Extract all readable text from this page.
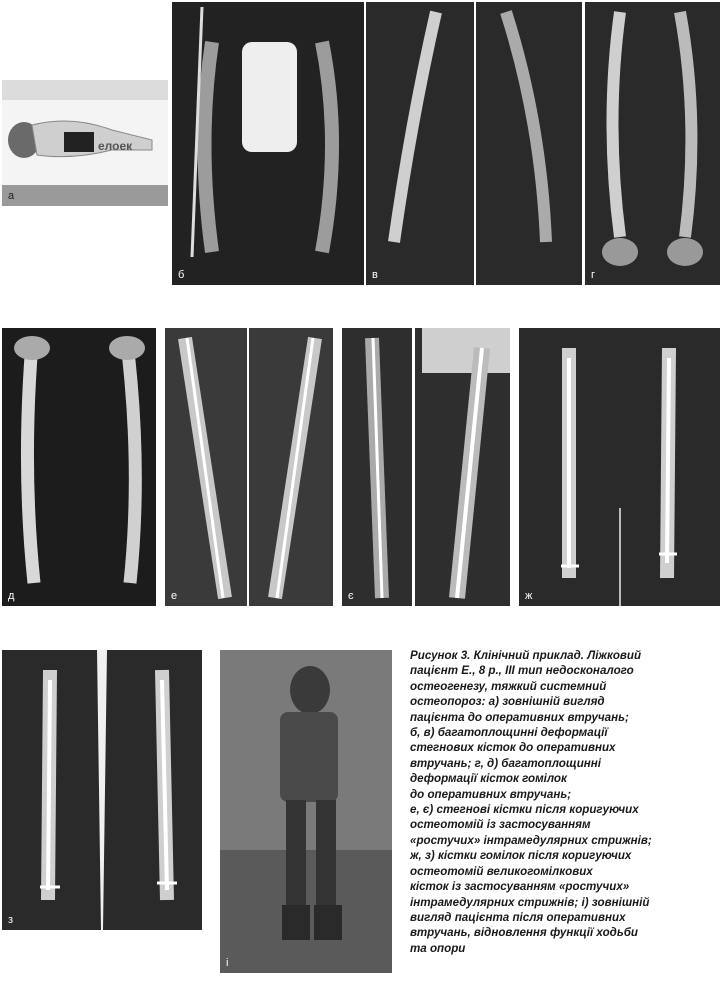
елоек
а
б	в	г
д	е	є	ж
з
і
Рисунок 3. Клінічний приклад. Ліжковий
пацієнт Е., 8 р., ІІІ тип недосконалого
остеогенезу, тяжкий системний
остеопороз: а) зовнішній вигляд
пацієнта до оперативних втручань;
б, в) багатоплощинні деформації
стегнових кісток до оперативних
втручань; г, д) багатоплощинні
деформації кісток гомілок
до оперативних втручань;
е, є) стегнові кістки після коригуючих
остеотомій із застосуванням
«ростучих» інтрамедулярних стрижнів;
ж, з) кістки гомілок після коригуючих
остеотомій великогомілкових
кісток із застосуванням «ростучих»
інтрамедулярних стрижнів; і) зовнішній
вигляд пацієнта після оперативних
втручань, відновлення функції ходьби
та опори
